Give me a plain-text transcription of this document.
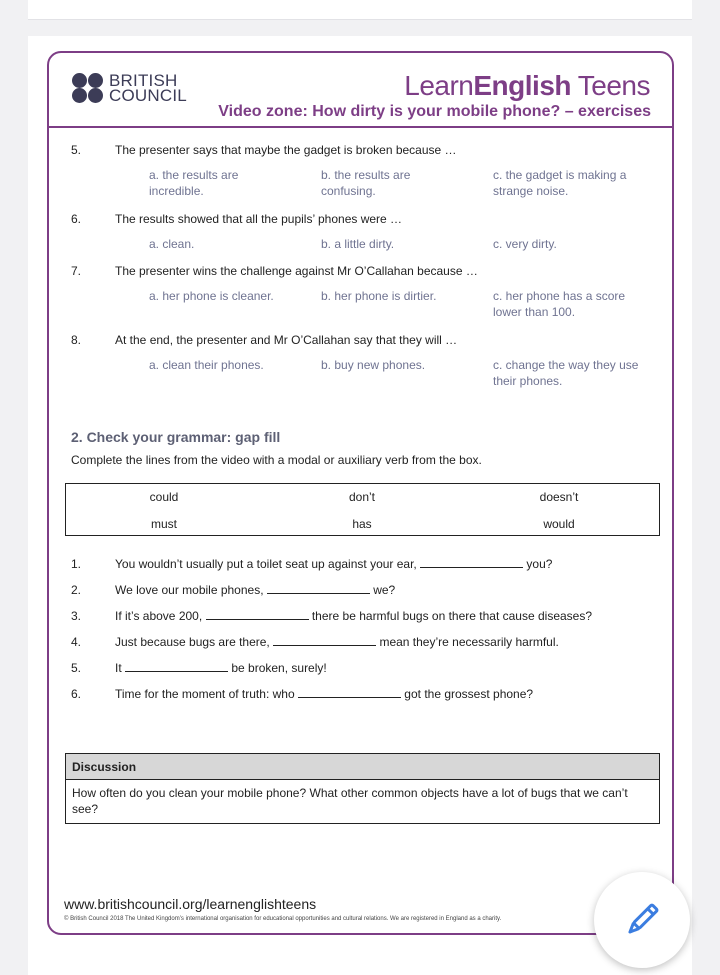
BRITISH
COUNCIL	LearnEnglish Teens
Video zone: How dirty is your mobile phone? – exercises
5.	The presenter says that maybe the gadget is broken because …
a. the results are incredible.
b. the results are confusing.
c. the gadget is making a strange noise.
6.	The results showed that all the pupils’ phones were …
a. clean.	b. a little dirty.	c. very dirty.
7.	The presenter wins the challenge against Mr O’Callahan because …
a. her phone is cleaner.	b. her phone is dirtier.	c. her phone has a score lower than 100.
8.	At the end, the presenter and Mr O’Callahan say that they will …
a. clean their phones.	b. buy new phones.	c. change the way they use their phones.
2. Check your grammar: gap fill
Complete the lines from the video with a modal or auxiliary verb from the box.
could	don’t	doesn’t
must	has	would
1.	You wouldn’t usually put a toilet seat up against your ear,	you?
2.	We love our mobile phones,	we?
3.	If it’s above 200,	there be harmful bugs on there that cause diseases?
4.	Just because bugs are there,	mean they’re necessarily harmful.
5.	It	be broken, surely!
6.	Time for the moment of truth: who	got the grossest phone?
Discussion
How often do you clean your mobile phone? What other common objects have a lot of bugs that we can’t see?
www.britishcouncil.org/learnenglishteens
© British Council 2018 The United Kingdom’s international organisation for educational opportunities and cultural relations. We are registered in England as a charity.
